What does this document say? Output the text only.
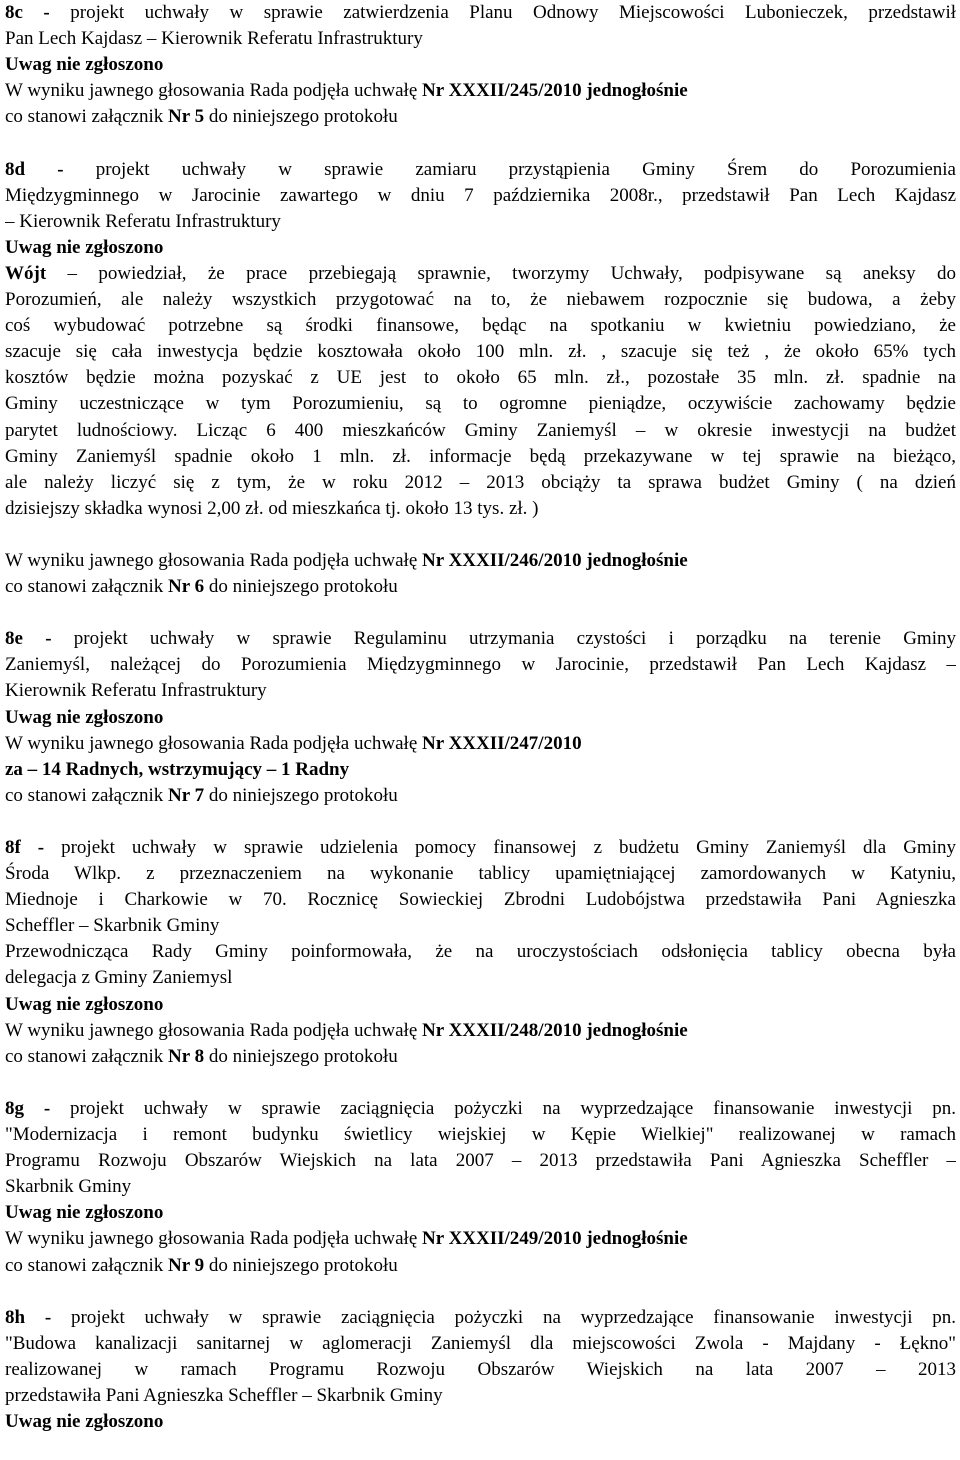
8c - projekt uchwały w sprawie zatwierdzenia Planu Odnowy Miejscowości Lubonieczek, przedstawił
Pan Lech Kajdasz – Kierownik Referatu Infrastruktury
Uwag nie zgłoszono
W wyniku jawnego głosowania Rada podjęła uchwałę Nr XXXII/245/2010 jednogłośnie
co stanowi załącznik Nr 5 do niniejszego protokołu
8d - projekt uchwały w sprawie zamiaru przystąpienia Gminy Śrem do Porozumienia
Międzygminnego w Jarocinie zawartego w dniu 7 października 2008r., przedstawił Pan Lech Kajdasz
– Kierownik Referatu Infrastruktury
Uwag nie zgłoszono
Wójt – powiedział, że prace przebiegają sprawnie, tworzymy Uchwały, podpisywane są aneksy do
Porozumień, ale należy wszystkich przygotować na to, że niebawem rozpocznie się budowa, a żeby
coś wybudować potrzebne są środki finansowe, będąc na spotkaniu w kwietniu powiedziano, że
szacuje się cała inwestycja będzie kosztowała około 100 mln. zł. , szacuje się też , że około 65% tych
kosztów będzie można pozyskać z UE jest to około 65 mln. zł., pozostałe 35 mln. zł. spadnie na
Gminy uczestniczące w tym Porozumieniu, są to ogromne pieniądze, oczywiście zachowamy będzie
parytet ludnościowy. Licząc 6 400 mieszkańców Gminy Zaniemyśl – w okresie inwestycji na budżet
Gminy Zaniemyśl spadnie około 1 mln. zł. informacje będą przekazywane w tej sprawie na bieżąco,
ale należy liczyć się z tym, że w roku 2012 – 2013 obciąży ta sprawa budżet Gminy ( na dzień
dzisiejszy składka wynosi 2,00 zł. od mieszkańca tj. około 13 tys. zł. )
W wyniku jawnego głosowania Rada podjęła uchwałę Nr XXXII/246/2010 jednogłośnie
co stanowi załącznik Nr 6 do niniejszego protokołu
8e - projekt uchwały w sprawie Regulaminu utrzymania czystości i porządku na terenie Gminy
Zaniemyśl, należącej do Porozumienia Międzygminnego w Jarocinie, przedstawił Pan Lech Kajdasz –
Kierownik Referatu Infrastruktury
Uwag nie zgłoszono
W wyniku jawnego głosowania Rada podjęła uchwałę Nr XXXII/247/2010
za – 14 Radnych, wstrzymujący – 1 Radny
co stanowi załącznik Nr 7 do niniejszego protokołu
8f - projekt uchwały w sprawie udzielenia pomocy finansowej z budżetu Gminy Zaniemyśl dla Gminy
Środa Wlkp. z przeznaczeniem na wykonanie tablicy upamiętniającej zamordowanych w Katyniu,
Miednoje i Charkowie w 70. Rocznicę Sowieckiej Zbrodni Ludobójstwa przedstawiła Pani Agnieszka
Scheffler – Skarbnik Gminy
Przewodnicząca Rady Gminy poinformowała, że na uroczystościach odsłonięcia tablicy obecna była
delegacja z Gminy Zaniemysl
Uwag nie zgłoszono
W wyniku jawnego głosowania Rada podjęła uchwałę Nr XXXII/248/2010 jednogłośnie
co stanowi załącznik Nr 8 do niniejszego protokołu
8g - projekt uchwały w sprawie zaciągnięcia pożyczki na wyprzedzające finansowanie inwestycji pn.
"Modernizacja i remont budynku świetlicy wiejskiej w Kępie Wielkiej" realizowanej w ramach
Programu Rozwoju Obszarów Wiejskich na lata 2007 – 2013 przedstawiła Pani Agnieszka Scheffler –
Skarbnik Gminy
Uwag nie zgłoszono
W wyniku jawnego głosowania Rada podjęła uchwałę Nr XXXII/249/2010 jednogłośnie
co stanowi załącznik Nr 9 do niniejszego protokołu
8h - projekt uchwały w sprawie zaciągnięcia pożyczki na wyprzedzające finansowanie inwestycji pn.
"Budowa kanalizacji sanitarnej w aglomeracji Zaniemyśl dla miejscowości Zwola - Majdany - Łękno"
realizowanej w ramach Programu Rozwoju Obszarów Wiejskich na lata 2007 – 2013
przedstawiła Pani Agnieszka Scheffler – Skarbnik Gminy
Uwag nie zgłoszono
